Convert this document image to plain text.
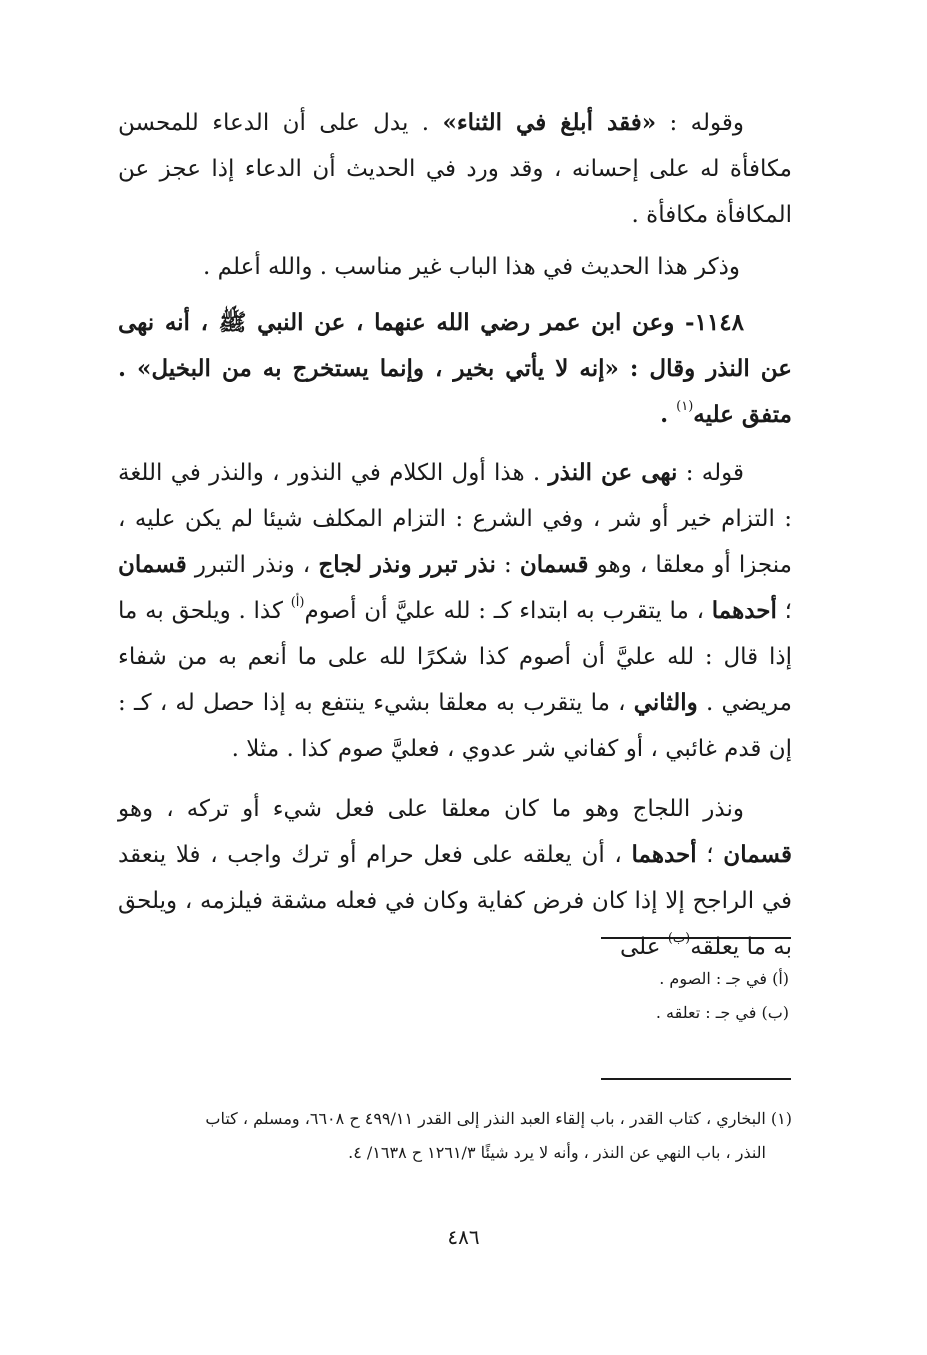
وقوله : «فقد أبلغ في الثناء» . يدل على أن الدعاء للمحسن مكافأة له على إحسانه ، وقد ورد في الحديث أن الدعاء إذا عجز عن المكافأة مكافأة .

وذكر هذا الحديث في هذا الباب غير مناسب . والله أعلم .

١١٤٨- وعن ابن عمر رضي الله عنهما ، عن النبي ﷺ ، أنه نهى عن النذر وقال : «إنه لا يأتي بخير ، وإنما يستخرج به من البخيل» . متفق عليه$^{(١)}$ .

قوله : نهى عن النذر . هذا أول الكلام في النذور ، والنذر في اللغة : التزام خير أو شر ، وفي الشرع : التزام المكلف شيئا لم يكن عليه ، منجزا أو معلقا ، وهو قسمان : نذر تبرر ونذر لجاج ، ونذر التبرر قسمان ؛ أحدهما ، ما يتقرب به ابتداء كـ : لله عليَّ أن أصوم$^{(أ)}$ كذا . ويلحق به ما إذا قال : لله عليَّ أن أصوم كذا شكرًا لله على ما أنعم به من شفاء مريضي . والثاني ، ما يتقرب به معلقا بشيء ينتفع به إذا حصل له ، كـ : إن قدم غائبي ، أو كفاني شر عدوي ، فعليَّ صوم كذا . مثلا .

ونذر اللجاج وهو ما كان معلقا على فعل شيء أو تركه ، وهو قسمان ؛ أحدهما ، أن يعلقه على فعل حرام أو ترك واجب ، فلا ينعقد في الراجح إلا إذا كان فرض كفاية وكان في فعله مشقة فيلزمه ، ويلحق به ما يعلقه$^{(ب)}$ على

(أ) في جـ : الصوم .

(ب) في جـ : تعلقه .

(١) البخاري ، كتاب القدر ، باب إلقاء العبد النذر إلى القدر ٤٩٩/١١ ح ٦٦٠٨، ومسلم ، كتاب

النذر ، باب النهي عن النذر ، وأنه لا يرد شيئًا ١٢٦١/٣ ح ١٦٣٨/ ٤.

٤٨٦
